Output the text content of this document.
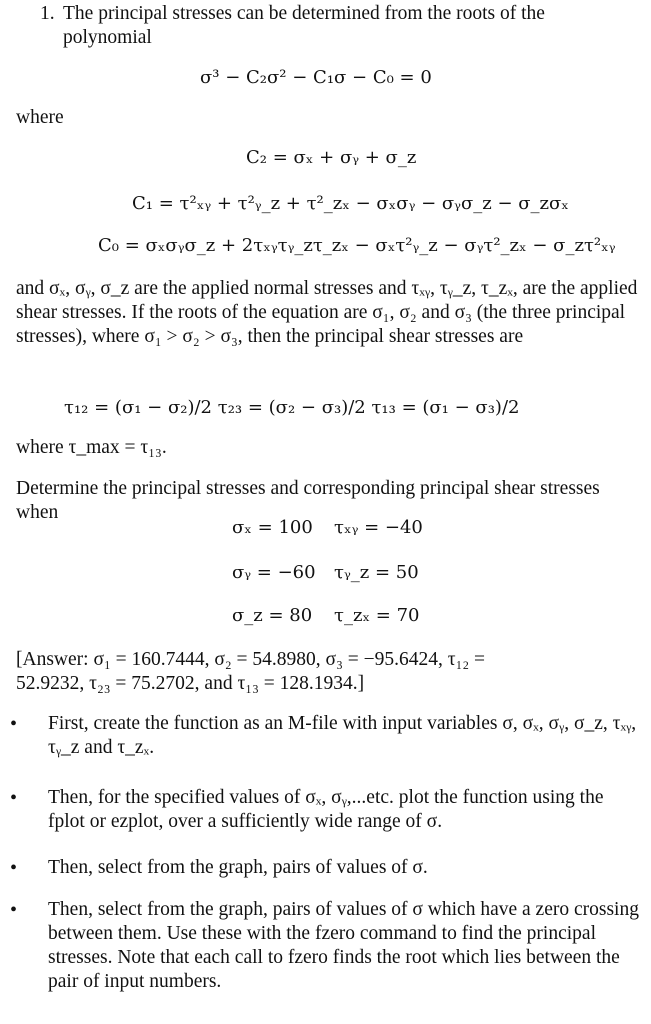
1. The principal stresses can be determined from the roots of the
polynomial
σ³ − C₂σ² − C₁σ − C₀ = 0
where
C₂ = σₓ + σᵧ + σ_z
C₁ = τ²ₓᵧ + τ²ᵧ_z + τ²_zₓ − σₓσᵧ − σᵧσ_z − σ_zσₓ
C₀ = σₓσᵧσ_z + 2τₓᵧτᵧ_zτ_zₓ − σₓτ²ᵧ_z − σᵧτ²_zₓ − σ_zτ²ₓᵧ
and σₓ, σᵧ, σ_z are the applied normal stresses and τₓᵧ, τᵧ_z, τ_zₓ, are the applied shear stresses. If the roots of the equation are σ₁, σ₂ and σ₃ (the three principal stresses), where σ₁ > σ₂ > σ₃, then the principal shear stresses are
τ₁₂ = (σ₁ − σ₂)/2 τ₂₃ = (σ₂ − σ₃)/2 τ₁₃ = (σ₁ − σ₃)/2
where τ_max = τ₁₃.
Determine the principal stresses and corresponding principal shear stresses when
σₓ = 100 τₓᵧ = −40
σᵧ = −60 τᵧ_z = 50
σ_z = 80 τ_zₓ = 70
[Answer: σ₁ = 160.7444, σ₂ = 54.8980, σ₃ = −95.6424, τ₁₂ =
52.9232, τ₂₃ = 75.2702, and τ₁₃ = 128.1934.]
• First, create the function as an M-file with input variables σ, σₓ, σᵧ, σ_z, τₓᵧ, τᵧ_z and τ_zₓ.
• Then, for the specified values of σₓ, σᵧ,...etc. plot the function using the fplot or ezplot, over a sufficiently wide range of σ.
• Then, select from the graph, pairs of values of σ.
• Then, select from the graph, pairs of values of σ which have a zero crossing between them. Use these with the fzero command to find the principal stresses. Note that each call to fzero finds the root which lies between the pair of input numbers.
